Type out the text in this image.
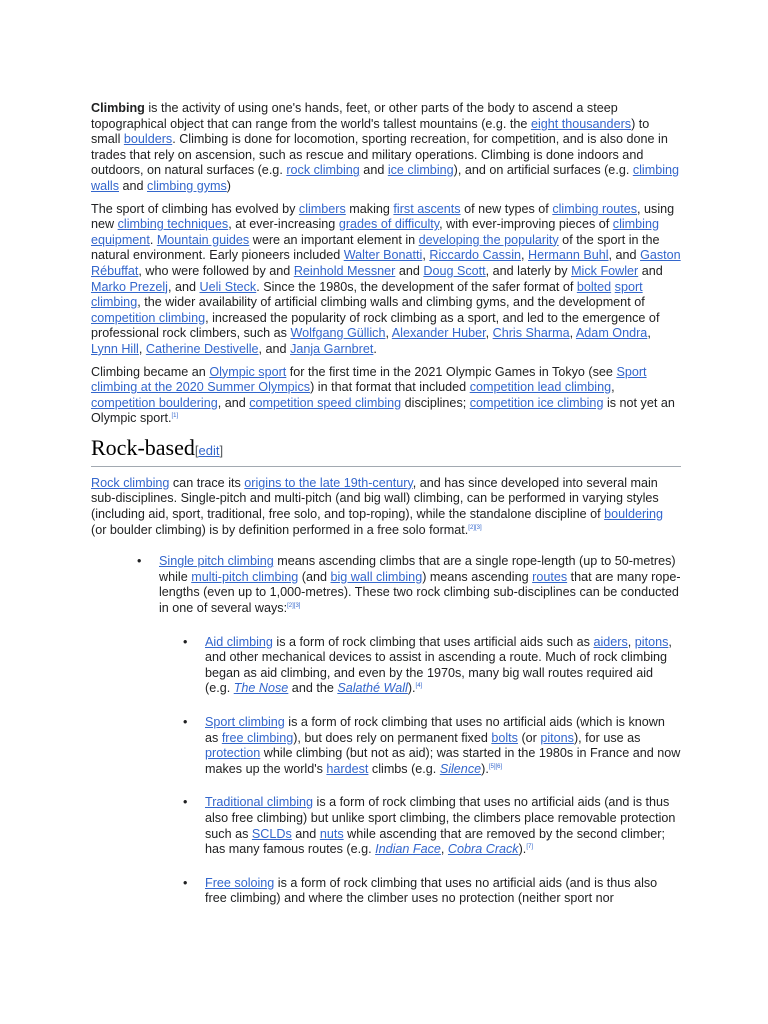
Climbing is the activity of using one's hands, feet, or other parts of the body to ascend a steep topographical object that can range from the world's tallest mountains (e.g. the eight thousanders) to small boulders. Climbing is done for locomotion, sporting recreation, for competition, and is also done in trades that rely on ascension, such as rescue and military operations. Climbing is done indoors and outdoors, on natural surfaces (e.g. rock climbing and ice climbing), and on artificial surfaces (e.g. climbing walls and climbing gyms)

The sport of climbing has evolved by climbers making first ascents of new types of climbing routes, using new climbing techniques, at ever-increasing grades of difficulty, with ever-improving pieces of climbing equipment. Mountain guides were an important element in developing the popularity of the sport in the natural environment. Early pioneers included Walter Bonatti, Riccardo Cassin, Hermann Buhl, and Gaston Rébuffat, who were followed by and Reinhold Messner and Doug Scott, and laterly by Mick Fowler and Marko Prezelj, and Ueli Steck. Since the 1980s, the development of the safer format of bolted sport climbing, the wider availability of artificial climbing walls and climbing gyms, and the development of competition climbing, increased the popularity of rock climbing as a sport, and led to the emergence of professional rock climbers, such as Wolfgang Güllich, Alexander Huber, Chris Sharma, Adam Ondra, Lynn Hill, Catherine Destivelle, and Janja Garnbret.

Climbing became an Olympic sport for the first time in the 2021 Olympic Games in Tokyo (see Sport climbing at the 2020 Summer Olympics) in that format that included competition lead climbing, competition bouldering, and competition speed climbing disciplines; competition ice climbing is not yet an Olympic sport.[1]

Rock-based[edit]

Rock climbing can trace its origins to the late 19th-century, and has since developed into several main sub-disciplines. Single-pitch and multi-pitch (and big wall) climbing, can be performed in varying styles (including aid, sport, traditional, free solo, and top-roping), while the standalone discipline of bouldering (or boulder climbing) is by definition performed in a free solo format.[2][3]

• Single pitch climbing means ascending climbs that are a single rope-length (up to 50-metres) while multi-pitch climbing (and big wall climbing) means ascending routes that are many rope-lengths (even up to 1,000-metres). These two rock climbing sub-disciplines can be conducted in one of several ways:[2][3]
• Aid climbing is a form of rock climbing that uses artificial aids such as aiders, pitons, and other mechanical devices to assist in ascending a route. Much of rock climbing began as aid climbing, and even by the 1970s, many big wall routes required aid (e.g. The Nose and the Salathé Wall).[4]
• Sport climbing is a form of rock climbing that uses no artificial aids (which is known as free climbing), but does rely on permanent fixed bolts (or pitons), for use as protection while climbing (but not as aid); was started in the 1980s in France and now makes up the world's hardest climbs (e.g. Silence).[5][6]
• Traditional climbing is a form of rock climbing that uses no artificial aids (and is thus also free climbing) but unlike sport climbing, the climbers place removable protection such as SCLDs and nuts while ascending that are removed by the second climber; has many famous routes (e.g. Indian Face, Cobra Crack).[7]
• Free soloing is a form of rock climbing that uses no artificial aids (and is thus also free climbing) and where the climber uses no protection (neither sport nor
